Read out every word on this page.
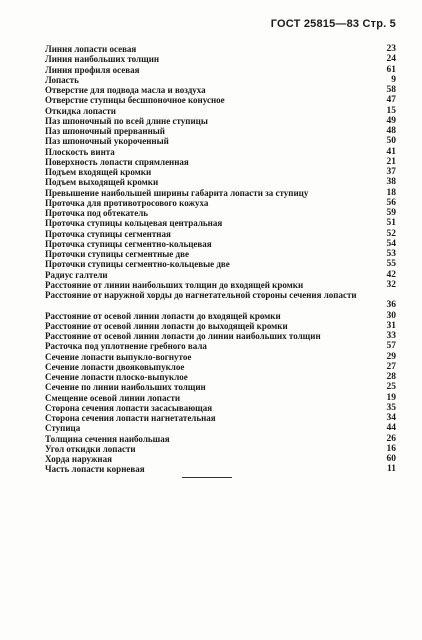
ГОСТ 25815—83 Стр. 5
Линия лопасти осевая	23
Линия наибольших толщин	24
Линия профиля осевая	61
Лопасть	9
Отверстие для подвода масла и воздуха	58
Отверстие ступицы бесшпоночное конусное	47
Откидка лопасти	15
Паз шпоночный по всей длине ступицы	49
Паз шпоночный прерванный	48
Паз шпоночный укороченный	50
Плоскость винта	41
Поверхность лопасти спрямленная	21
Подъем входящей кромки	37
Подъем выходящей кромки	38
Превышение наибольшей ширины габарита лопасти за ступицу	18
Проточка для противотросового кожуха	56
Проточка под обтекатель	59
Проточка ступицы кольцевая центральная	51
Проточка ступицы сегментная	52
Проточка ступицы сегментно-кольцевая	54
Проточки ступицы сегментные две	53
Проточки ступицы сегментно-кольцевые две	55
Радиус галтели	42
Расстояние от линии наибольших толщин до входящей кромки	32
Расстояние от наружной хорды до нагнетательной стороны сечения лопасти
36
Расстояние от осевой линии лопасти до входящей кромки	30
Расстояние от осевой линии лопасти до выходящей кромки	31
Расстояние от осевой линии лопасти до линии наибольших толщин	33
Расточка под уплотнение гребного вала	57
Сечение лопасти выпукло-вогнутое	29
Сечение лопасти двояковыпуклое	27
Сечение лопасти плоско-выпуклое	28
Сечение по линии наибольших толщин	25
Смещение осевой линии лопасти	19
Сторона сечения лопасти засасывающая	35
Сторона сечения лопасти нагнетательная	34
Ступица	44
Толщина сечения наибольшая	26
Угол откидки лопасти	16
Хорда наружная	60
Часть лопасти корневая	11
